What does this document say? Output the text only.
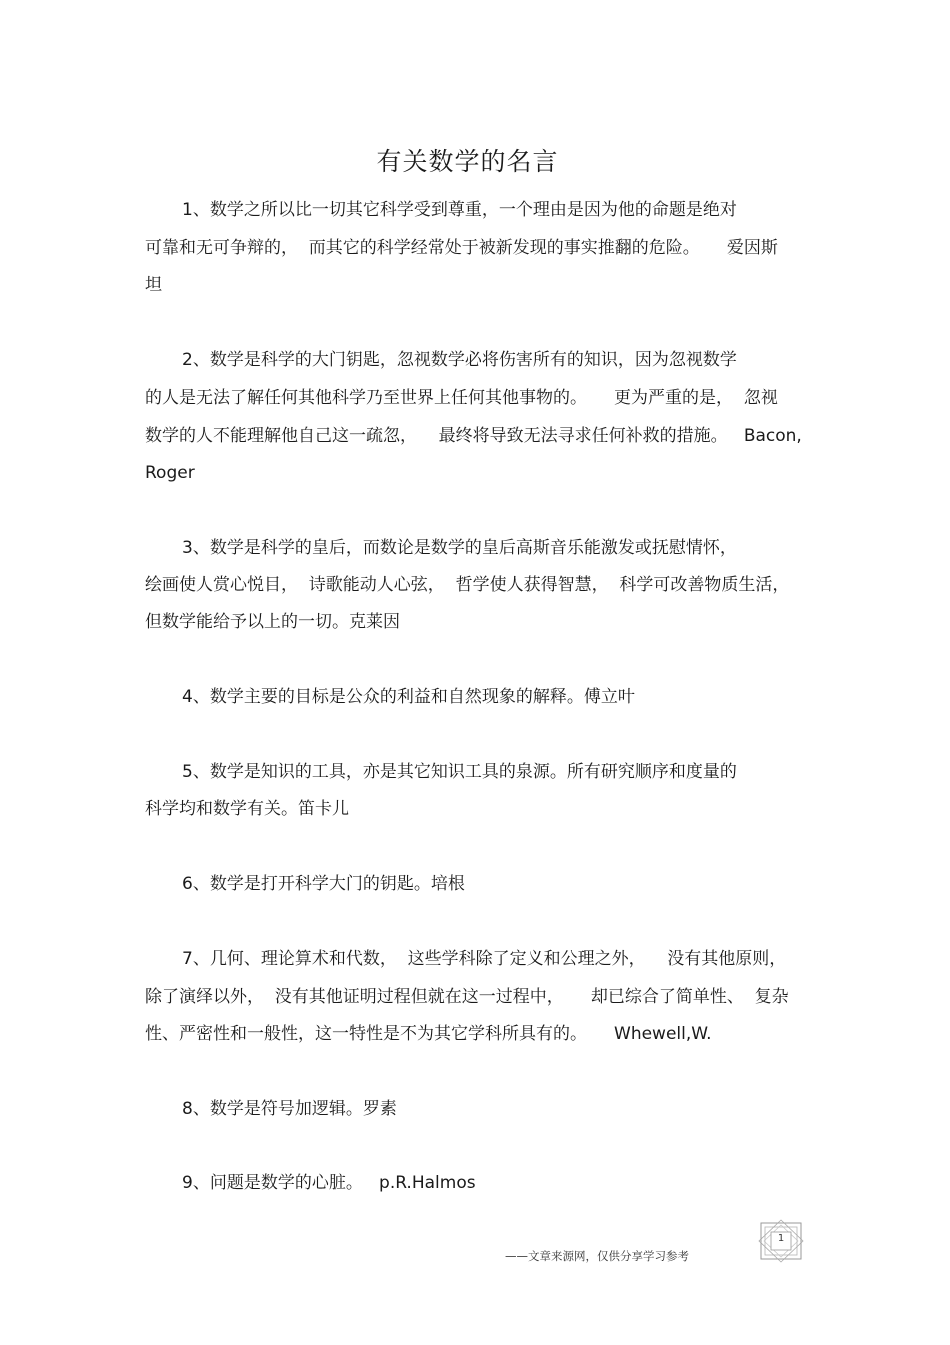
有关数学的名言
1、数学之所以比一切其它科学受到尊重，一个理由是因为他的命题是绝对
可靠和无可争辩的，  而其它的科学经常处于被新发现的事实推翻的危险。     爱因斯
坦
2、数学是科学的大门钥匙，忽视数学必将伤害所有的知识，因为忽视数学
的人是无法了解任何其他科学乃至世界上任何其他事物的。     更为严重的是，  忽视
数学的人不能理解他自己这一疏忽，    最终将导致无法寻求任何补救的措施。   Bacon,
Roger
3、数学是科学的皇后，而数论是数学的皇后高斯音乐能激发或抚慰情怀，
绘画使人赏心悦目，  诗歌能动人心弦，  哲学使人获得智慧，  科学可改善物质生活，
但数学能给予以上的一切。克莱因
4、数学主要的目标是公众的利益和自然现象的解释。傅立叶
5、数学是知识的工具，亦是其它知识工具的泉源。所有研究顺序和度量的
科学均和数学有关。笛卡儿
6、数学是打开科学大门的钥匙。培根
7、几何、理论算术和代数，  这些学科除了定义和公理之外，    没有其他原则，
除了演绎以外，  没有其他证明过程但就在这一过程中，     却已综合了简单性、  复杂
性、严密性和一般性，这一特性是不为其它学科所具有的。     Whewell,W.
8、数学是符号加逻辑。罗素
9、问题是数学的心脏。   p.R.Halmos
——文章来源网，仅供分享学习参考
1
